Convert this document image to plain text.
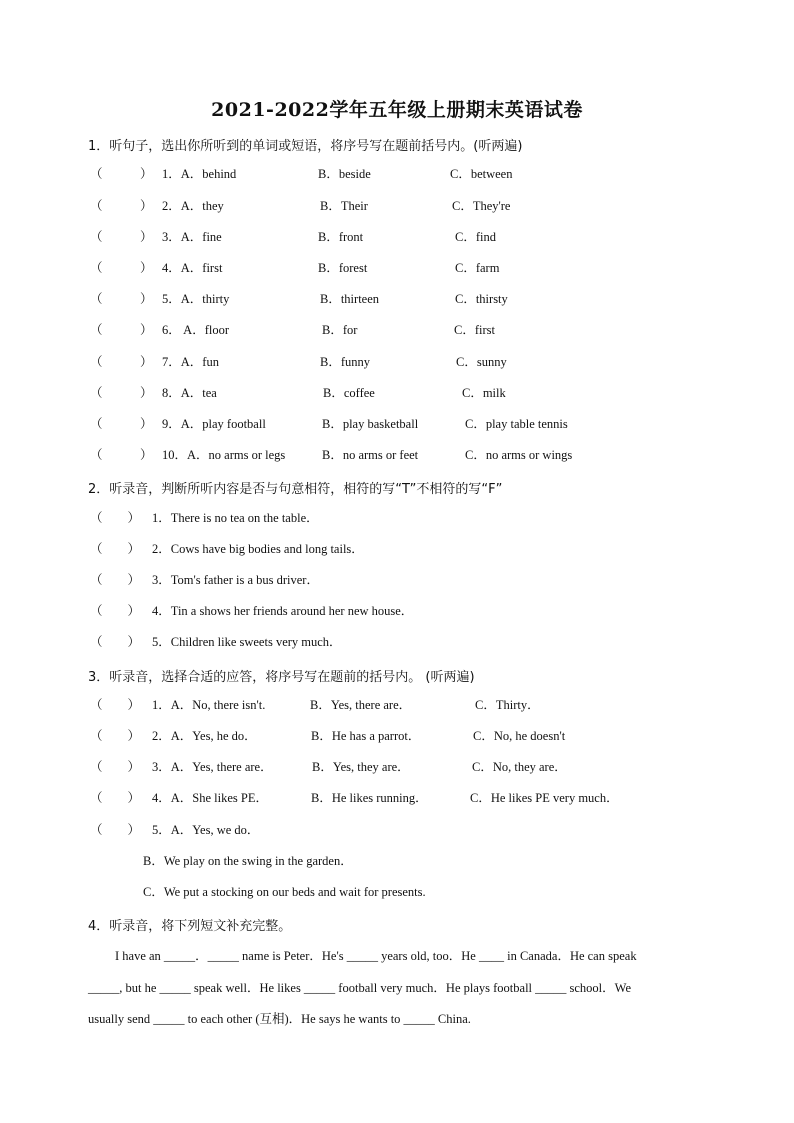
2021-2022学年五年级上册期末英语试卷
1．听句子，选出你所听到的单词或短语，将序号写在题前括号内。(听两遍)
（　　　） 1．A．behind	B．beside	C．between
（　　　） 2．A．they	B．Their	C．They're
（　　　） 3．A．fine	B．front	C．find
（　　　） 4．A．first	B．forest	C．farm
（　　　） 5．A．thirty	B．thirteen	C．thirsty
（　　　） 6． A．floor	B．for	C．first
（　　　） 7．A．fun	B．funny	C．sunny
（　　　） 8．A．tea	B．coffee	C．milk
（　　　） 9．A．play football	B．play basketball	C．play table tennis
（　　　） 10．A．no arms or legs	B．no arms or feet	C．no arms or wings
2．听录音，判断所听内容是否与句意相符，相符的写“T”不相符的写“F”
（　　） 1．There is no tea on the table．
（　　） 2．Cows have big bodies and long tails．
（　　） 3．Tom's father is a bus driver．
（　　） 4．Tin a shows her friends around her new house．
（　　） 5．Children like sweets very much．
3．听录音，选择合适的应答，将序号写在题前的括号内。 (听两遍)
（　　） 1．A．No, there isn't.	B．Yes, there are．	C．Thirty．
（　　） 2．A．Yes, he do．	B．He has a parrot．	C．No, he doesn't
（　　） 3．A．Yes, there are．	B．Yes, they are．	C．No, they are．
（　　） 4．A．She likes PE．	B．He likes running．	C．He likes PE very much．
（　　） 5．A．Yes, we do．
B．We play on the swing in the garden．
C．We put a stocking on our beds and wait for presents.
4．听录音，将下列短文补充完整。
I have an _____．_____ name is Peter．He's _____ years old, too．He ____ in Canada．He can speak
_____, but he _____ speak well．He likes _____ football very much．He plays football _____ school．We
usually send _____ to each other (互相)．He says he wants to _____ China.
